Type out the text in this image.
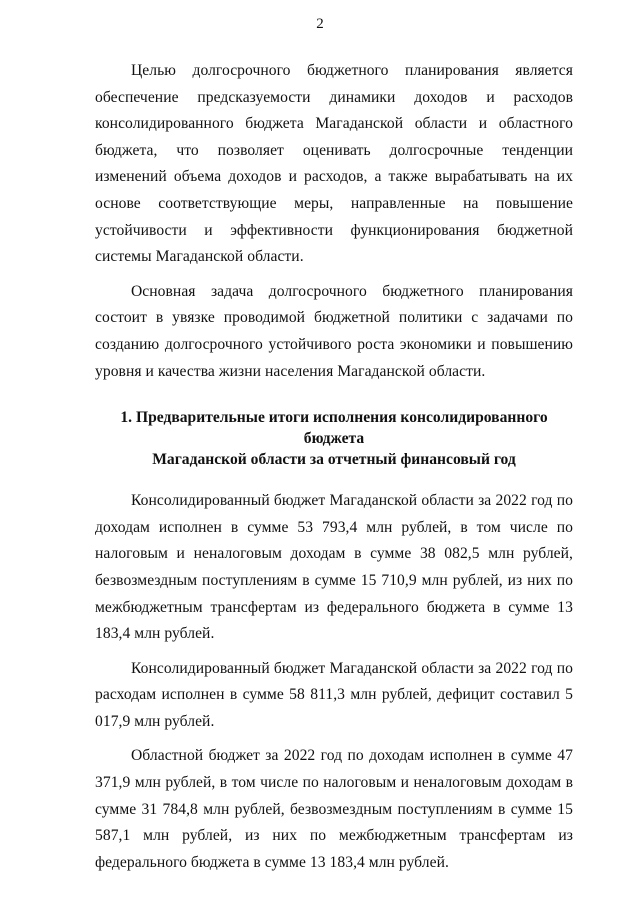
2

Целью долгосрочного бюджетного планирования является обеспечение предсказуемости динамики доходов и расходов консолидированного бюджета Магаданской области и областного бюджета, что позволяет оценивать долгосрочные тенденции изменений объема доходов и расходов, а также вырабатывать на их основе соответствующие меры, направленные на повышение устойчивости и эффективности функционирования бюджетной системы Магаданской области.

Основная задача долгосрочного бюджетного планирования состоит в увязке проводимой бюджетной политики с задачами по созданию долгосрочного устойчивого роста экономики и повышению уровня и качества жизни населения Магаданской области.

1. Предварительные итоги исполнения консолидированного бюджета
Магаданской области за отчетный финансовый год

Консолидированный бюджет Магаданской области за 2022 год по доходам исполнен в сумме 53 793,4 млн рублей, в том числе по налоговым и неналоговым доходам в сумме 38 082,5 млн рублей, безвозмездным поступлениям в сумме 15 710,9 млн рублей, из них по межбюджетным трансфертам из федерального бюджета в сумме 13 183,4 млн рублей.

Консолидированный бюджет Магаданской области за 2022 год по расходам исполнен в сумме 58 811,3 млн рублей, дефицит составил 5 017,9 млн рублей.

Областной бюджет за 2022 год по доходам исполнен в сумме 47 371,9 млн рублей, в том числе по налоговым и неналоговым доходам в сумме 31 784,8 млн рублей, безвозмездным поступлениям в сумме 15 587,1 млн рублей, из них по межбюджетным трансфертам из федерального бюджета в сумме 13 183,4 млн рублей.
